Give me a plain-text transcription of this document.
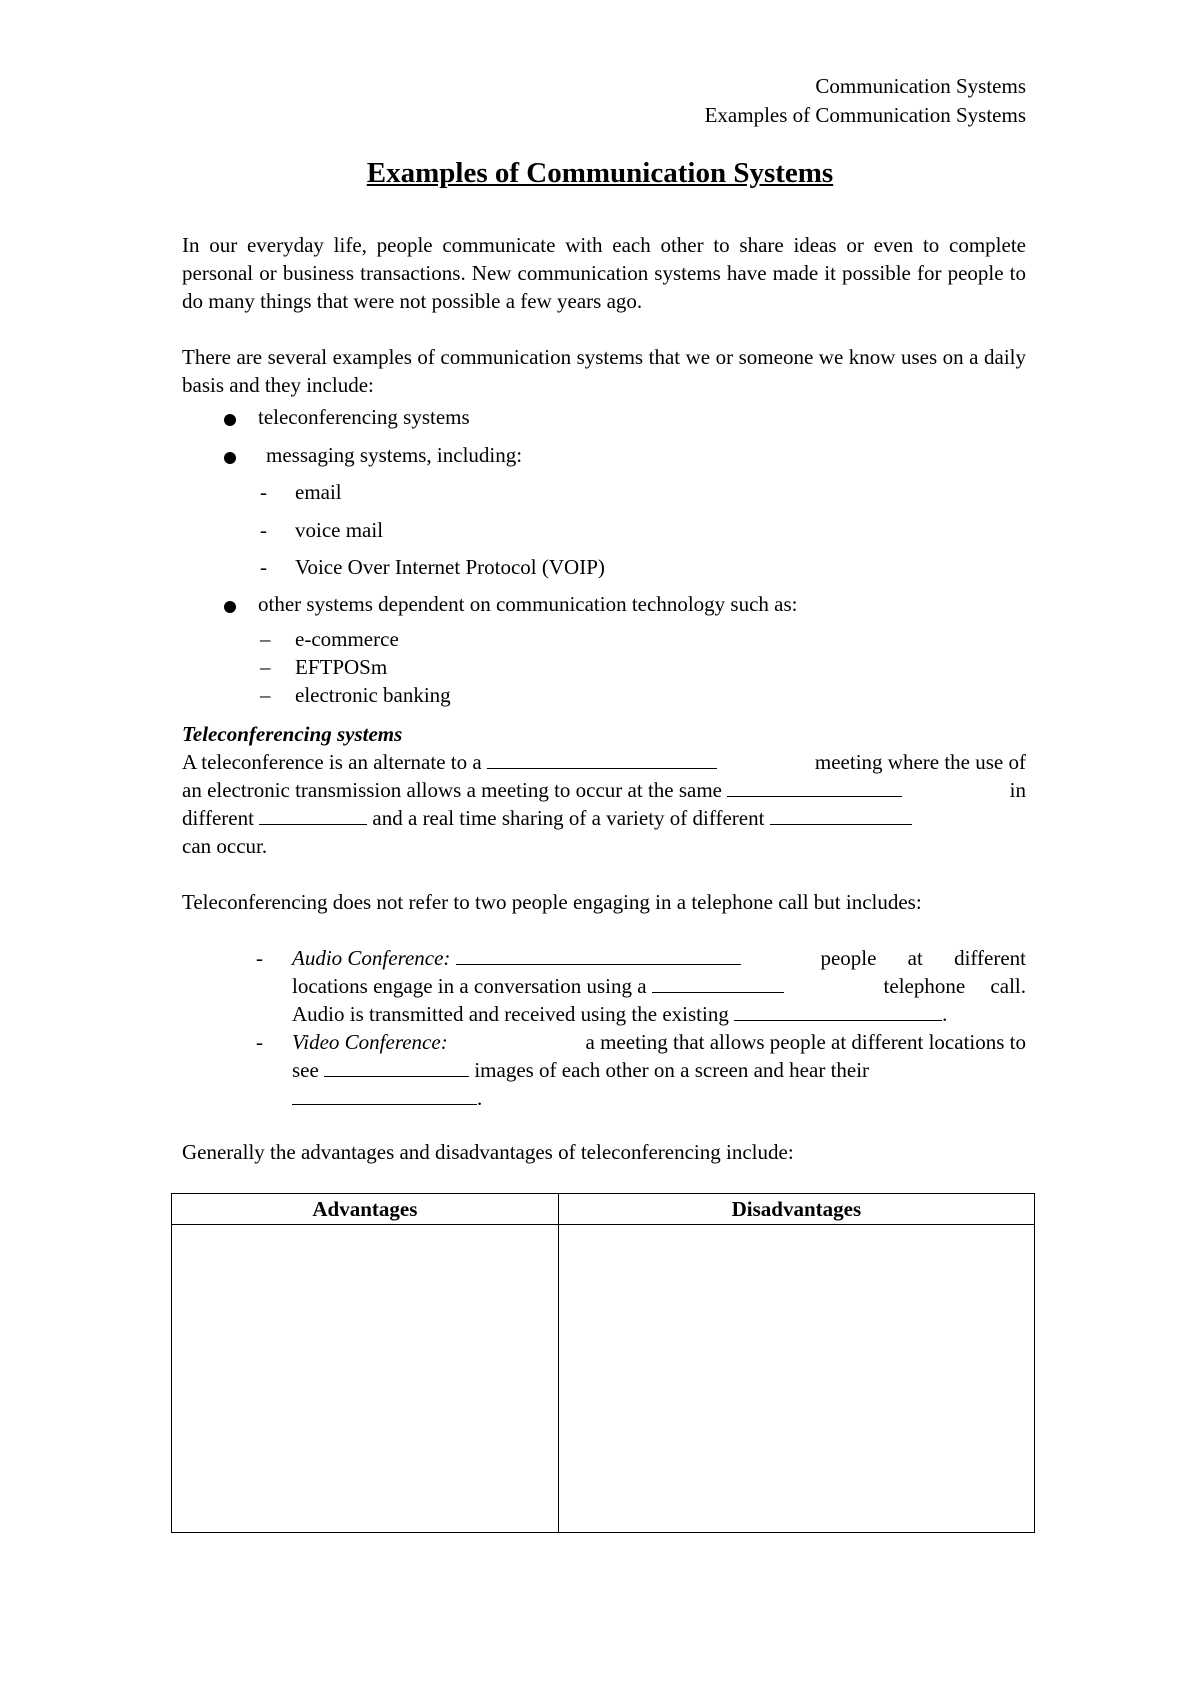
Communication Systems
Examples of Communication Systems
Examples of Communication Systems
In our everyday life, people communicate with each other to share ideas or even to complete personal or business transactions. New communication systems have made it possible for people to do many things that were not possible a few years ago.
There are several examples of communication systems that we or someone we know uses on a daily basis and they include:
teleconferencing systems
messaging systems, including:
- email
- voice mail
- Voice Over Internet Protocol (VOIP)
other systems dependent on communication technology such as:
– e-commerce
– EFTPOSm
– electronic banking
Teleconferencing systems
A teleconference is an alternate to a	meeting where the use of
an electronic transmission allows a meeting to occur at the same	in
different	and a real time sharing of a variety of different
can occur.
Teleconferencing does not refer to two people engaging in a telephone call but includes:
- Audio Conference:	people at different
locations engage in a conversation using a	telephone call.
Audio is transmitted and received using the existing	.
- Video Conference:	a meeting that allows people at different locations to
see	images of each other on a screen and hear their
.
Generally the advantages and disadvantages of teleconferencing include:
Advantages	Disadvantages
